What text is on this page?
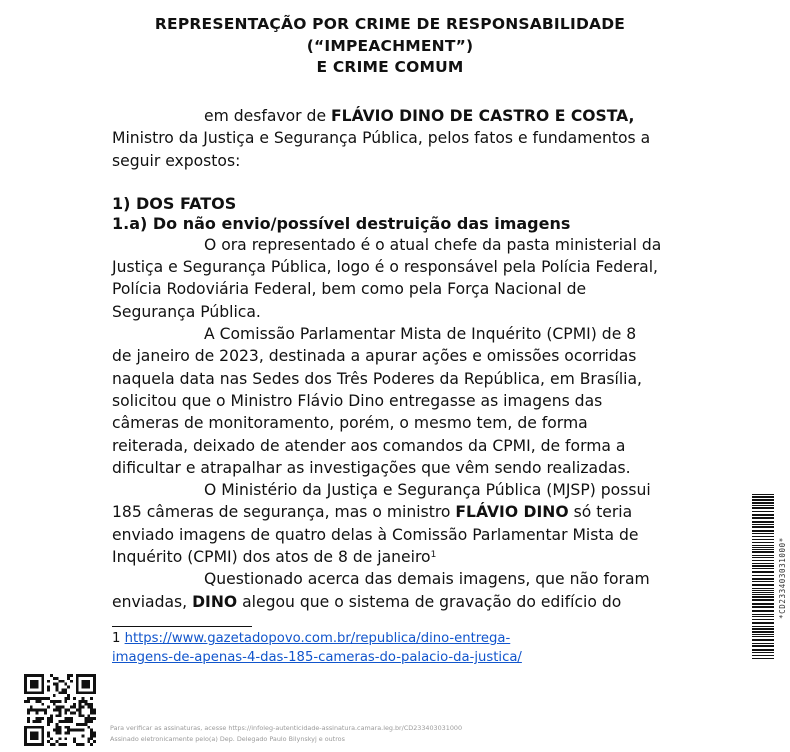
REPRESENTAÇÃO POR CRIME DE RESPONSABILIDADE
(“IMPEACHMENT”)
E CRIME COMUM
em desfavor de FLÁVIO DINO DE CASTRO E COSTA,
Ministro da Justiça e Segurança Pública, pelos fatos e fundamentos a
seguir expostos:
1) DOS FATOS
1.a) Do não envio/possível destruição das imagens
O ora representado é o atual chefe da pasta ministerial da
Justiça e Segurança Pública, logo é o responsável pela Polícia Federal,
Polícia Rodoviária Federal, bem como pela Força Nacional de
Segurança Pública.
A Comissão Parlamentar Mista de Inquérito (CPMI) de 8
de janeiro de 2023, destinada a apurar ações e omissões ocorridas
naquela data nas Sedes dos Três Poderes da República, em Brasília,
solicitou que o Ministro Flávio Dino entregasse as imagens das
câmeras de monitoramento, porém, o mesmo tem, de forma
reiterada, deixado de atender aos comandos da CPMI, de forma a
dificultar e atrapalhar as investigações que vêm sendo realizadas.
O Ministério da Justiça e Segurança Pública (MJSP) possui
185 câmeras de segurança, mas o ministro FLÁVIO DINO só teria
enviado imagens de quatro delas à Comissão Parlamentar Mista de
Inquérito (CPMI) dos atos de 8 de janeiro$^1$
Questionado acerca das demais imagens, que não foram
enviadas, DINO alegou que o sistema de gravação do edifício do
1 https://www.gazetadopovo.com.br/republica/dino-entrega-
imagens-de-apenas-4-das-185-cameras-do-palacio-da-justica/
Para verificar as assinaturas, acesse https://infoleg-autenticidade-assinatura.camara.leg.br/CD233403031000
Assinado eletronicamente pelo(a) Dep. Delegado Paulo Bilynskyj e outros
*CD233403031000*
